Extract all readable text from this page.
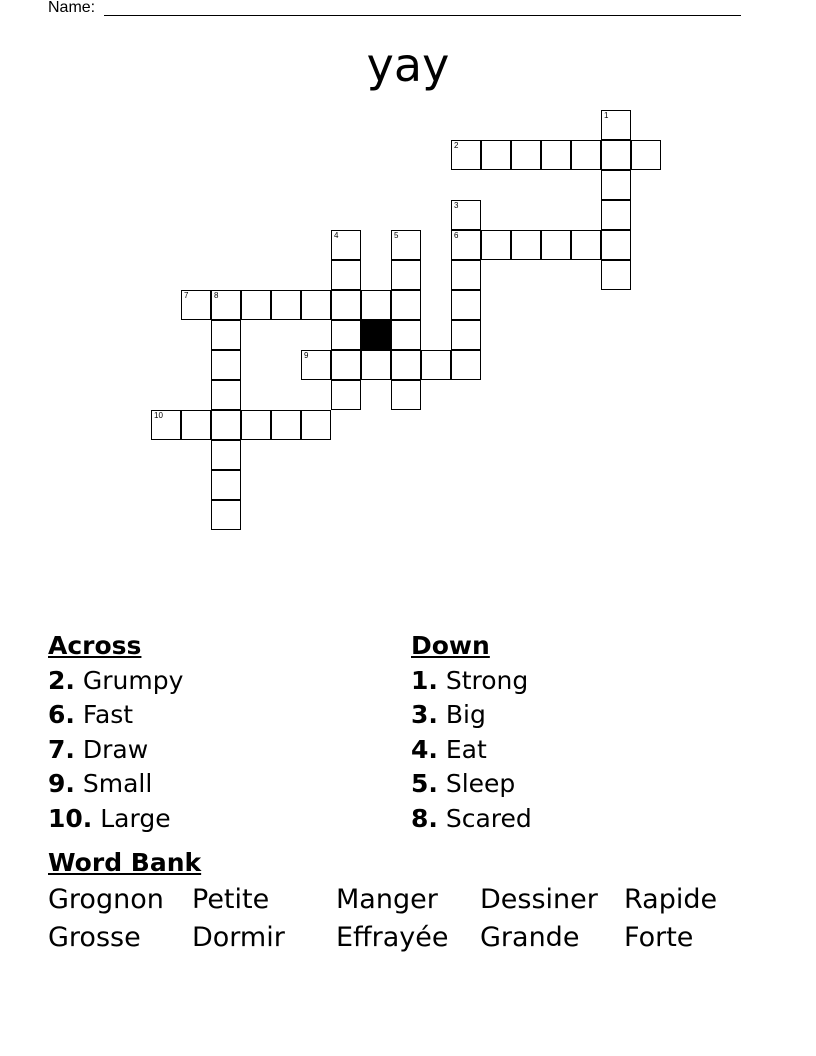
Name:
yay
1
2
3
6
4	5
7	8
9
10
Across
2. Grumpy
6. Fast
7. Draw
9. Small
10. Large
Down
1. Strong
3. Big
4. Eat
5. Sleep
8. Scared
Word Bank
Grognon Petite Manger Dessiner Rapide
Grosse Dormir Effrayée Grande Forte
